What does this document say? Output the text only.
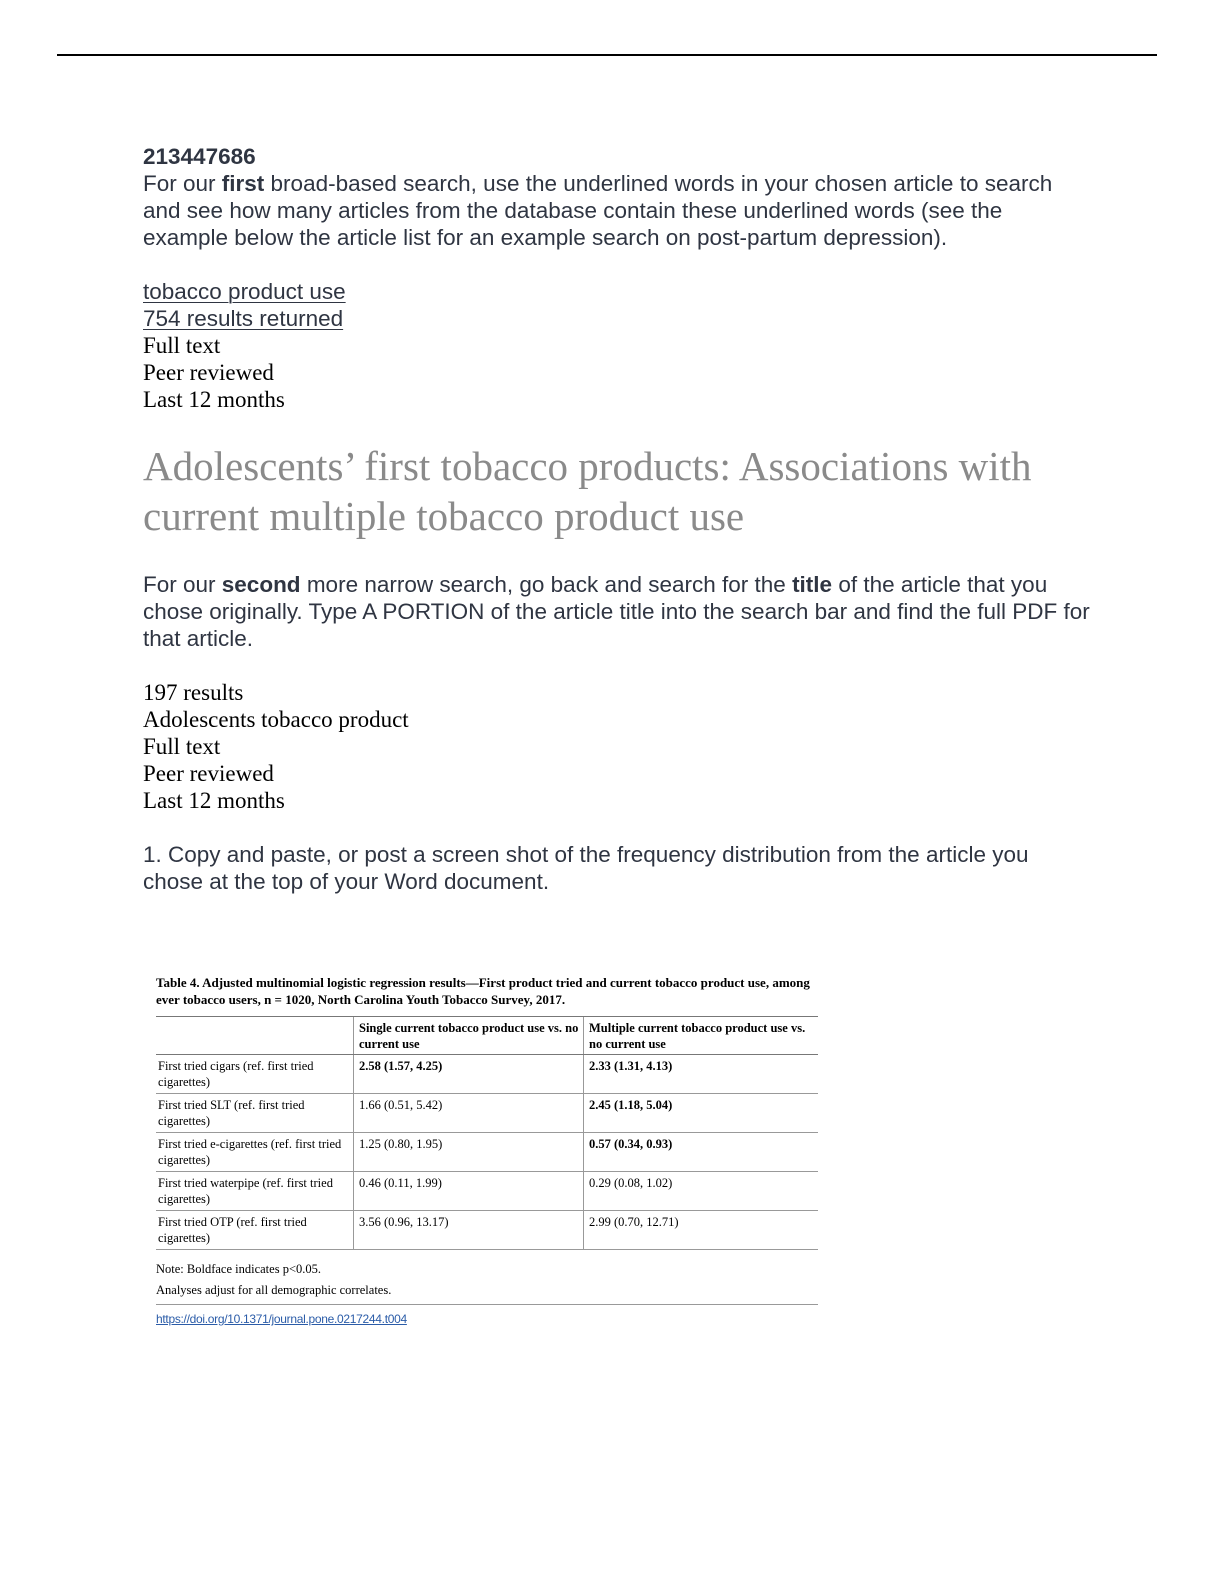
213447686
For our first broad-based search, use the underlined words in your chosen article to search and see how many articles from the database contain these underlined words (see the example below the article list for an example search on post-partum depression).
tobacco product use
754 results returned
Full text
Peer reviewed
Last 12 months
Adolescents’ first tobacco products: Associations with current multiple tobacco product use
For our second more narrow search, go back and search for the title of the article that you chose originally. Type A PORTION of the article title into the search bar and find the full PDF for that article.
197 results
Adolescents tobacco product
Full text
Peer reviewed
Last 12 months
1. Copy and paste, or post a screen shot of the frequency distribution from the article you chose at the top of your Word document.
Table 4. Adjusted multinomial logistic regression results—First product tried and current tobacco product use, among ever tobacco users, n = 1020, North Carolina Youth Tobacco Survey, 2017.
	Single current tobacco product use vs. no current use	Multiple current tobacco product use vs. no current use
First tried cigars (ref. first tried cigarettes)	2.58 (1.57, 4.25)	2.33 (1.31, 4.13)
First tried SLT (ref. first tried cigarettes)	1.66 (0.51, 5.42)	2.45 (1.18, 5.04)
First tried e-cigarettes (ref. first tried cigarettes)	1.25 (0.80, 1.95)	0.57 (0.34, 0.93)
First tried waterpipe (ref. first tried cigarettes)	0.46 (0.11, 1.99)	0.29 (0.08, 1.02)
First tried OTP (ref. first tried cigarettes)	3.56 (0.96, 13.17)	2.99 (0.70, 12.71)
Note: Boldface indicates p<0.05.
Analyses adjust for all demographic correlates.
https://doi.org/10.1371/journal.pone.0217244.t004
